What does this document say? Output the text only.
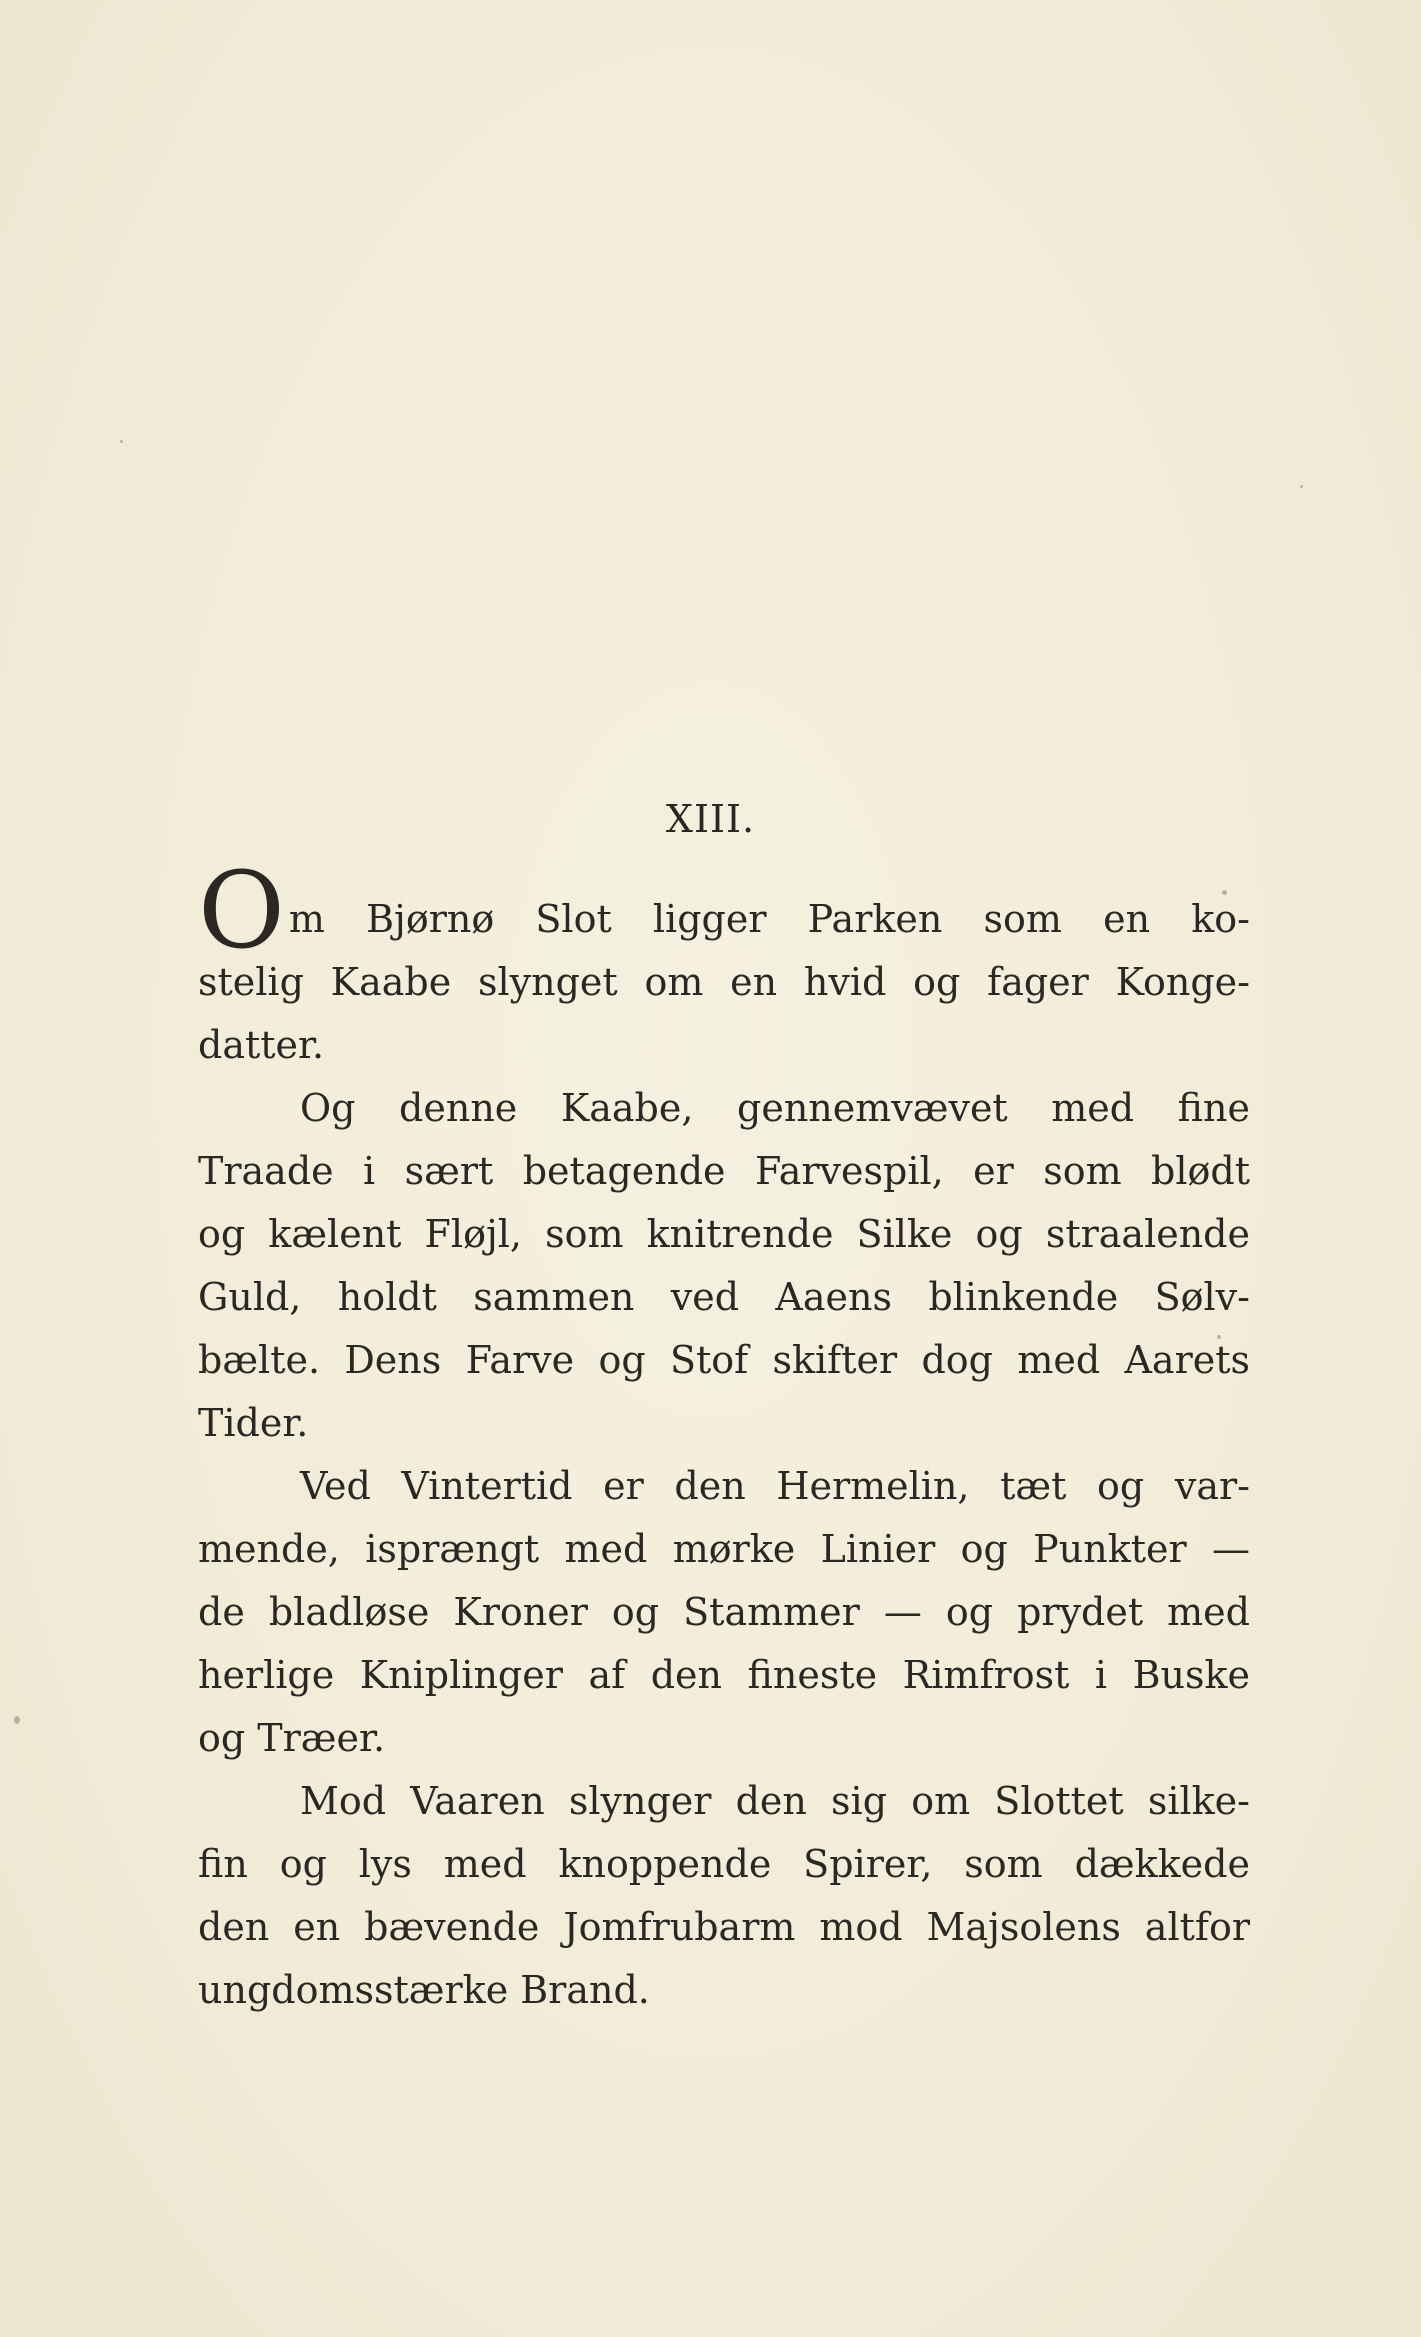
XIII.
O m Bjørnø Slot ligger Parken som en ko-
stelig Kaabe slynget om en hvid og fager Konge-
datter.
Og denne Kaabe, gennemvævet med fine
Traade i sært betagende Farvespil, er som blødt
og kælent Fløjl, som knitrende Silke og straalende
Guld, holdt sammen ved Aaens blinkende Sølv-
bælte. Dens Farve og Stof skifter dog med Aarets
Tider.
Ved Vintertid er den Hermelin, tæt og var-
mende, isprængt med mørke Linier og Punkter —
de bladløse Kroner og Stammer — og prydet med
herlige Kniplinger af den fineste Rimfrost i Buske
og Træer.
Mod Vaaren slynger den sig om Slottet silke-
fin og lys med knoppende Spirer, som dækkede
den en bævende Jomfrubarm mod Majsolens altfor
ungdomsstærke Brand.
